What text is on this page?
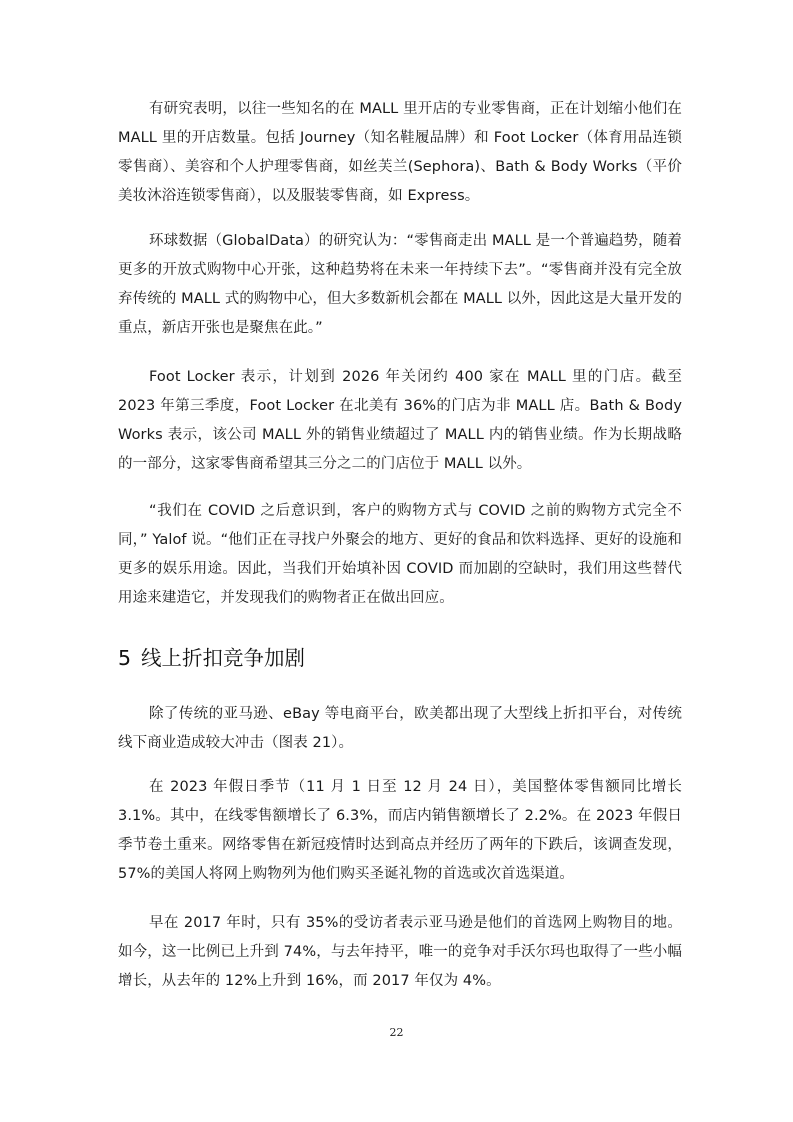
有研究表明，以往一些知名的在 MALL 里开店的专业零售商，正在计划缩小他们在 MALL 里的开店数量。包括 Journey（知名鞋履品牌）和 Foot Locker（体育用品连锁零售商）、美容和个人护理零售商，如丝芙兰(Sephora)、Bath & Body Works（平价美妆沐浴连锁零售商），以及服装零售商，如 Express。

环球数据（GlobalData）的研究认为：“零售商走出 MALL 是一个普遍趋势，随着更多的开放式购物中心开张，这种趋势将在未来一年持续下去”。“零售商并没有完全放弃传统的 MALL 式的购物中心，但大多数新机会都在 MALL 以外，因此这是大量开发的重点，新店开张也是聚焦在此。”

Foot Locker 表示，计划到 2026 年关闭约 400 家在 MALL 里的门店。截至 2023 年第三季度，Foot Locker 在北美有 36%的门店为非 MALL 店。Bath & Body Works 表示，该公司 MALL 外的销售业绩超过了 MALL 内的销售业绩。作为长期战略的一部分，这家零售商希望其三分之二的门店位于 MALL 以外。

“我们在 COVID 之后意识到，客户的购物方式与 COVID 之前的购物方式完全不同，” Yalof 说。“他们正在寻找户外聚会的地方、更好的食品和饮料选择、更好的设施和更多的娱乐用途。因此，当我们开始填补因 COVID 而加剧的空缺时，我们用这些替代用途来建造它，并发现我们的购物者正在做出回应。

5 线上折扣竞争加剧

除了传统的亚马逊、eBay 等电商平台，欧美都出现了大型线上折扣平台，对传统线下商业造成较大冲击（图表 21）。

在 2023 年假日季节（11 月 1 日至 12 月 24 日），美国整体零售额同比增长 3.1%。其中，在线零售额增长了 6.3%，而店内销售额增长了 2.2%。在 2023 年假日季节卷土重来。网络零售在新冠疫情时达到高点并经历了两年的下跌后，该调查发现，57%的美国人将网上购物列为他们购买圣诞礼物的首选或次首选渠道。

早在 2017 年时，只有 35%的受访者表示亚马逊是他们的首选网上购物目的地。如今，这一比例已上升到 74%，与去年持平，唯一的竞争对手沃尔玛也取得了一些小幅增长，从去年的 12%上升到 16%，而 2017 年仅为 4%。

22
